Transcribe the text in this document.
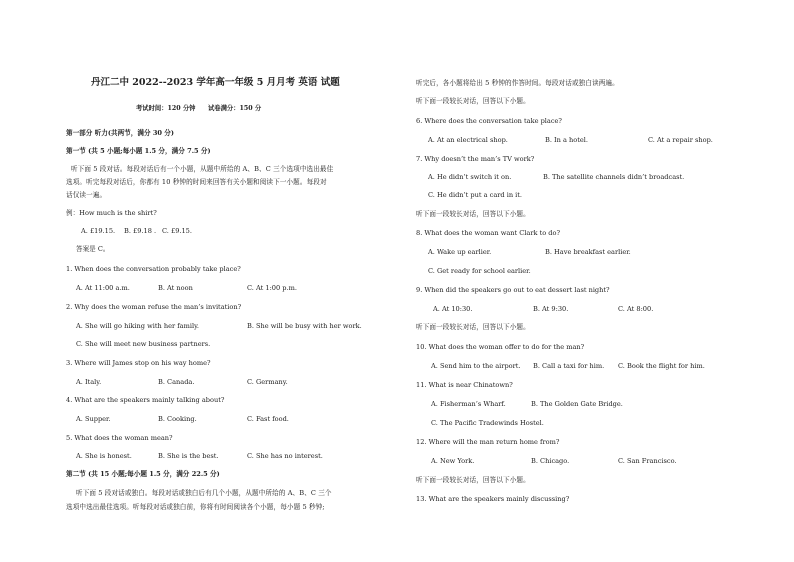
丹江二中 2022--2023 学年高一年级 5 月月考 英语 试题
考试时间：120 分钟　　试卷满分：150 分
第一部分 听力(共两节，满分 30 分)
第一节 (共 5 小题;每小题 1.5 分，满分 7.5 分)
听下面 5 段对话。每段对话后有一个小题，从题中所给的 A、B、C 三个选项中选出最佳
选项。听完每段对话后，你都有 10 秒钟的时间来回答有关小题和阅读下一小题。每段对
话仅读一遍。
例：How much is the shirt?
A. £19.15. B. £9.18 . C. £9.15.
答案是 C。
1. When does the conversation probably take place?
A. At 11:00 a.m.	B. At noon	C. At 1:00 p.m.
2. Why does the woman refuse the man’s invitation?
A. She will go hiking with her family.	B. She will be busy with her work.
C. She will meet new business partners.
3. Where will James stop on his way home?
A. Italy.	B. Canada.	C. Germany.
4. What are the speakers mainly talking about?
A. Supper.	B. Cooking.	C. Fast food.
5. What does the woman mean?
A. She is honest.	B. She is the best.	C. She has no interest.
第二节 (共 15 小题;每小题 1.5 分，满分 22.5 分)
听下面 5 段对话或独白。每段对话或独白后有几个小题，从题中所给的 A、B、C 三个
选项中选出最佳选项。听每段对话或独白前，你将有时间阅读各个小题，每小题 5 秒钟;
听完后，各小题将给出 5 秒钟的作答时间。每段对话或独白读两遍。
听下面一段较长对话，回答以下小题。
6. Where does the conversation take place?
A. At an electrical shop.	B. In a hotel.	C. At a repair shop.
7. Why doesn’t the man’s TV work?
A. He didn’t switch it on.	B. The satellite channels didn’t broadcast.
C. He didn’t put a card in it.
听下面一段较长对话，回答以下小题。
8. What does the woman want Clark to do?
A. Wake up earlier.	B. Have breakfast earlier.
C. Get ready for school earlier.
9. When did the speakers go out to eat dessert last night?
A. At 10:30.	B. At 9:30.	C. At 8:00.
听下面一段较长对话，回答以下小题。
10. What does the woman offer to do for the man?
A. Send him to the airport. B. Call a taxi for him. C. Book the flight for him.
11. What is near Chinatown?
A. Fisherman’s Wharf.	B. The Golden Gate Bridge.
C. The Pacific Tradewinds Hostel.
12. Where will the man return home from?
A. New York.	B. Chicago.	C. San Francisco.
听下面一段较长对话，回答以下小题。
13. What are the speakers mainly discussing?
